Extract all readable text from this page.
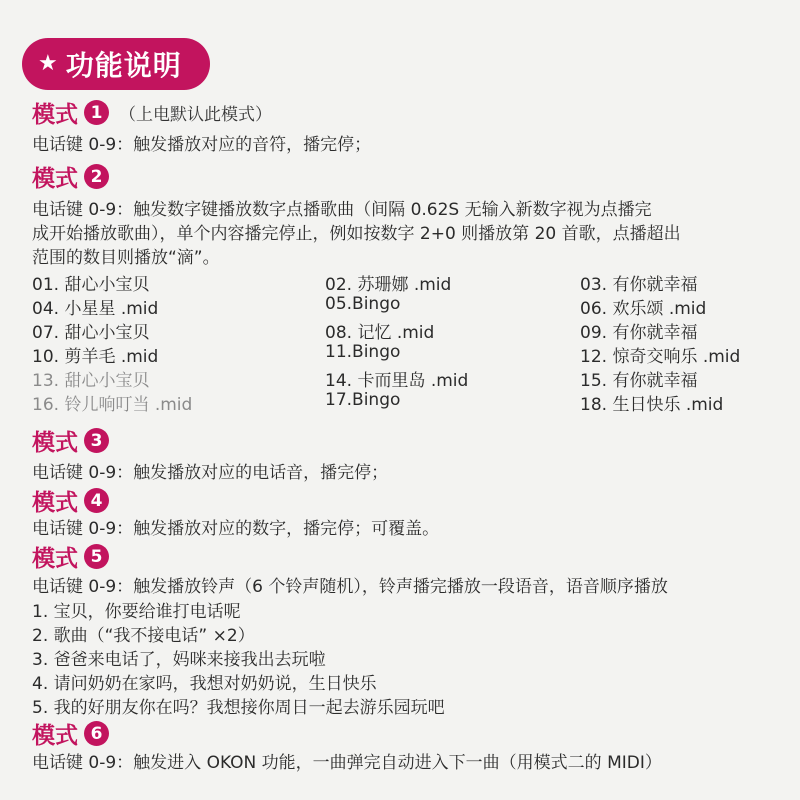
★ 功能说明
模式 1 （上电默认此模式）
电话键 0-9：触发播放对应的音符，播完停；
模式 2
电话键 0-9：触发数字键播放数字点播歌曲（间隔 0.62S 无输入新数字视为点播完
成开始播放歌曲），单个内容播完停止，例如按数字 2+0 则播放第 20 首歌，点播超出
范围的数目则播放“滴”。
01. 甜心小宝贝	02. 苏珊娜 .mid	03. 有你就幸福
04. 小星星 .mid	05.Bingo	06. 欢乐颂 .mid
07. 甜心小宝贝	08. 记忆 .mid	09. 有你就幸福
10. 剪羊毛 .mid	11.Bingo	12. 惊奇交响乐 .mid
13. 甜心小宝贝	14. 卡而里岛 .mid	15. 有你就幸福
16. 铃儿响叮当 .mid	17.Bingo	18. 生日快乐 .mid
模式 3
电话键 0-9：触发播放对应的电话音，播完停；
模式 4
电话键 0-9：触发播放对应的数字，播完停；可覆盖。
模式 5
电话键 0-9：触发播放铃声（6 个铃声随机），铃声播完播放一段语音，语音顺序播放
1. 宝贝，你要给谁打电话呢
2. 歌曲（“我不接电话” ×2）
3. 爸爸来电话了，妈咪来接我出去玩啦
4. 请问奶奶在家吗，我想对奶奶说，生日快乐
5. 我的好朋友你在吗？我想接你周日一起去游乐园玩吧
模式 6
电话键 0-9：触发进入 OKON 功能，一曲弹完自动进入下一曲（用模式二的 MIDI）
